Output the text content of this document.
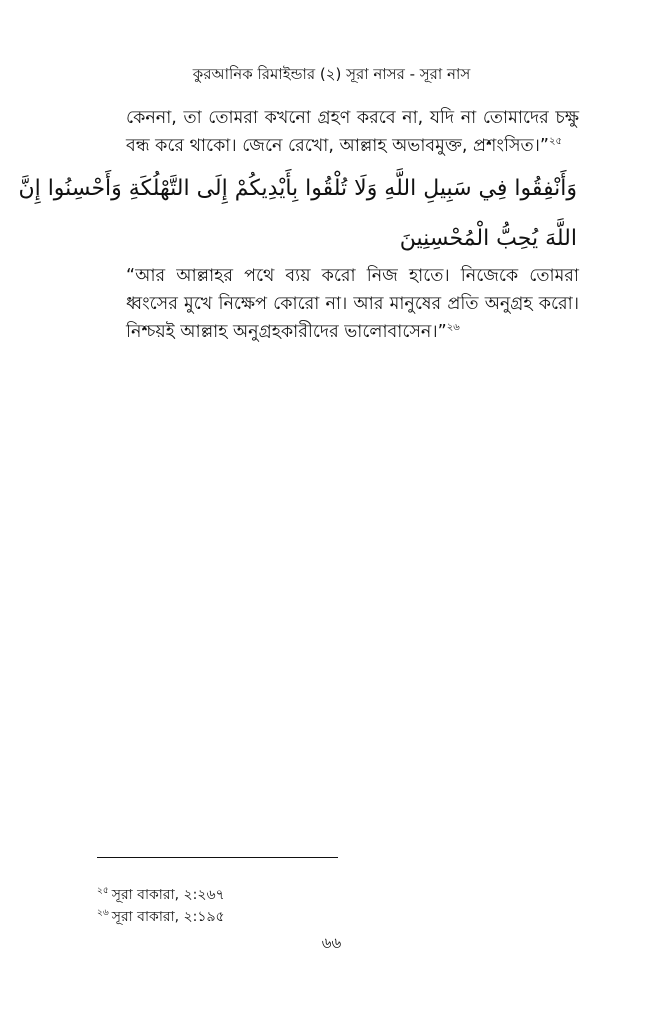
কুরআনিক রিমাইন্ডার (২) সূরা নাসর - সূরা নাস

কেননা, তা তোমরা কখনো গ্রহণ করবে না, যদি না তোমাদের চক্ষু বন্ধ করে থাকো। জেনে রেখো, আল্লাহ অভাবমুক্ত, প্রশংসিত।”$^{২৫}$

وَأَنْفِقُوا فِي سَبِيلِ اللَّهِ وَلَا تُلْقُوا بِأَيْدِيكُمْ إِلَى التَّهْلُكَةِ وَأَحْسِنُوا إِنَّ
اللَّهَ يُحِبُّ الْمُحْسِنِينَ

“আর আল্লাহর পথে ব্যয় করো নিজ হাতে। নিজেকে তোমরা ধ্বংসের মুখে নিক্ষেপ কোরো না। আর মানুষের প্রতি অনুগ্রহ করো। নিশ্চয়ই আল্লাহ অনুগ্রহকারীদের ভালোবাসেন।”$^{২৬}$

$^{২৫}$ সূরা বাকারা, ২:২৬৭
$^{২৬}$ সূরা বাকারা, ২:১৯৫
৬৬
